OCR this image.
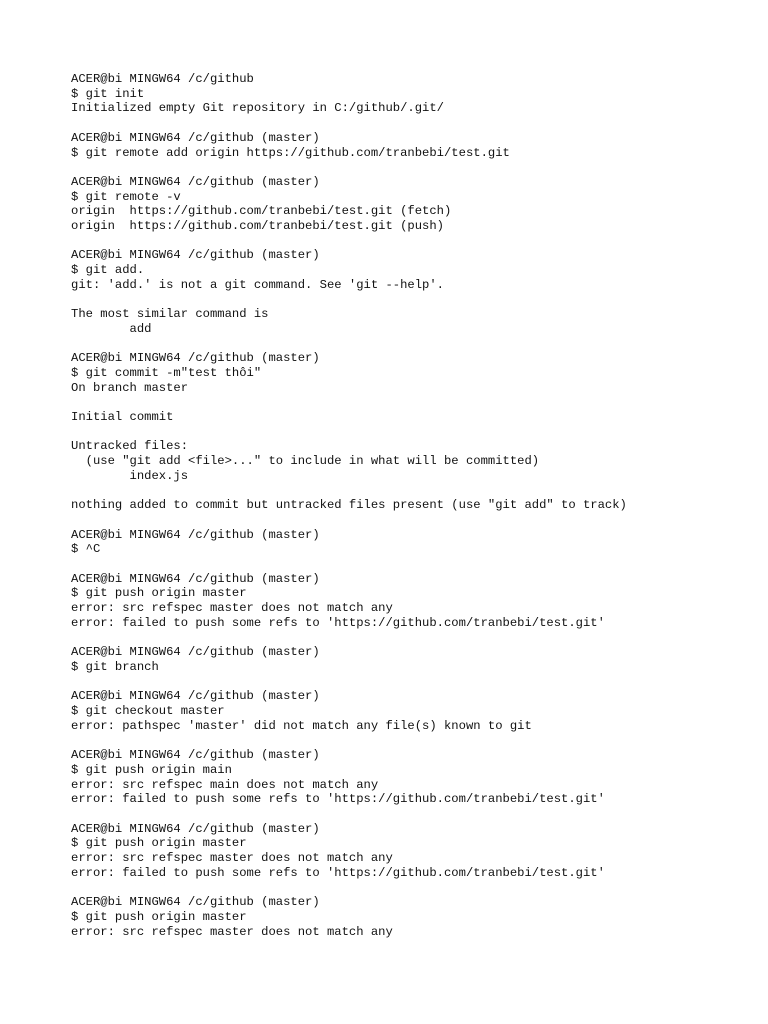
ACER@bi MINGW64 /c/github
$ git init
Initialized empty Git repository in C:/github/.git/
ACER@bi MINGW64 /c/github (master)
$ git remote add origin https://github.com/tranbebi/test.git
ACER@bi MINGW64 /c/github (master)
$ git remote -v
origin  https://github.com/tranbebi/test.git (fetch)
origin  https://github.com/tranbebi/test.git (push)
ACER@bi MINGW64 /c/github (master)
$ git add.
git: 'add.' is not a git command. See 'git --help'.
The most similar command is
add
ACER@bi MINGW64 /c/github (master)
$ git commit -m"test thôi"
On branch master
Initial commit
Untracked files:
(use "git add <file>..." to include in what will be committed)
index.js
nothing added to commit but untracked files present (use "git add" to track)
ACER@bi MINGW64 /c/github (master)
$ ^C
ACER@bi MINGW64 /c/github (master)
$ git push origin master
error: src refspec master does not match any
error: failed to push some refs to 'https://github.com/tranbebi/test.git'
ACER@bi MINGW64 /c/github (master)
$ git branch
ACER@bi MINGW64 /c/github (master)
$ git checkout master
error: pathspec 'master' did not match any file(s) known to git
ACER@bi MINGW64 /c/github (master)
$ git push origin main
error: src refspec main does not match any
error: failed to push some refs to 'https://github.com/tranbebi/test.git'
ACER@bi MINGW64 /c/github (master)
$ git push origin master
error: src refspec master does not match any
error: failed to push some refs to 'https://github.com/tranbebi/test.git'
ACER@bi MINGW64 /c/github (master)
$ git push origin master
error: src refspec master does not match any
